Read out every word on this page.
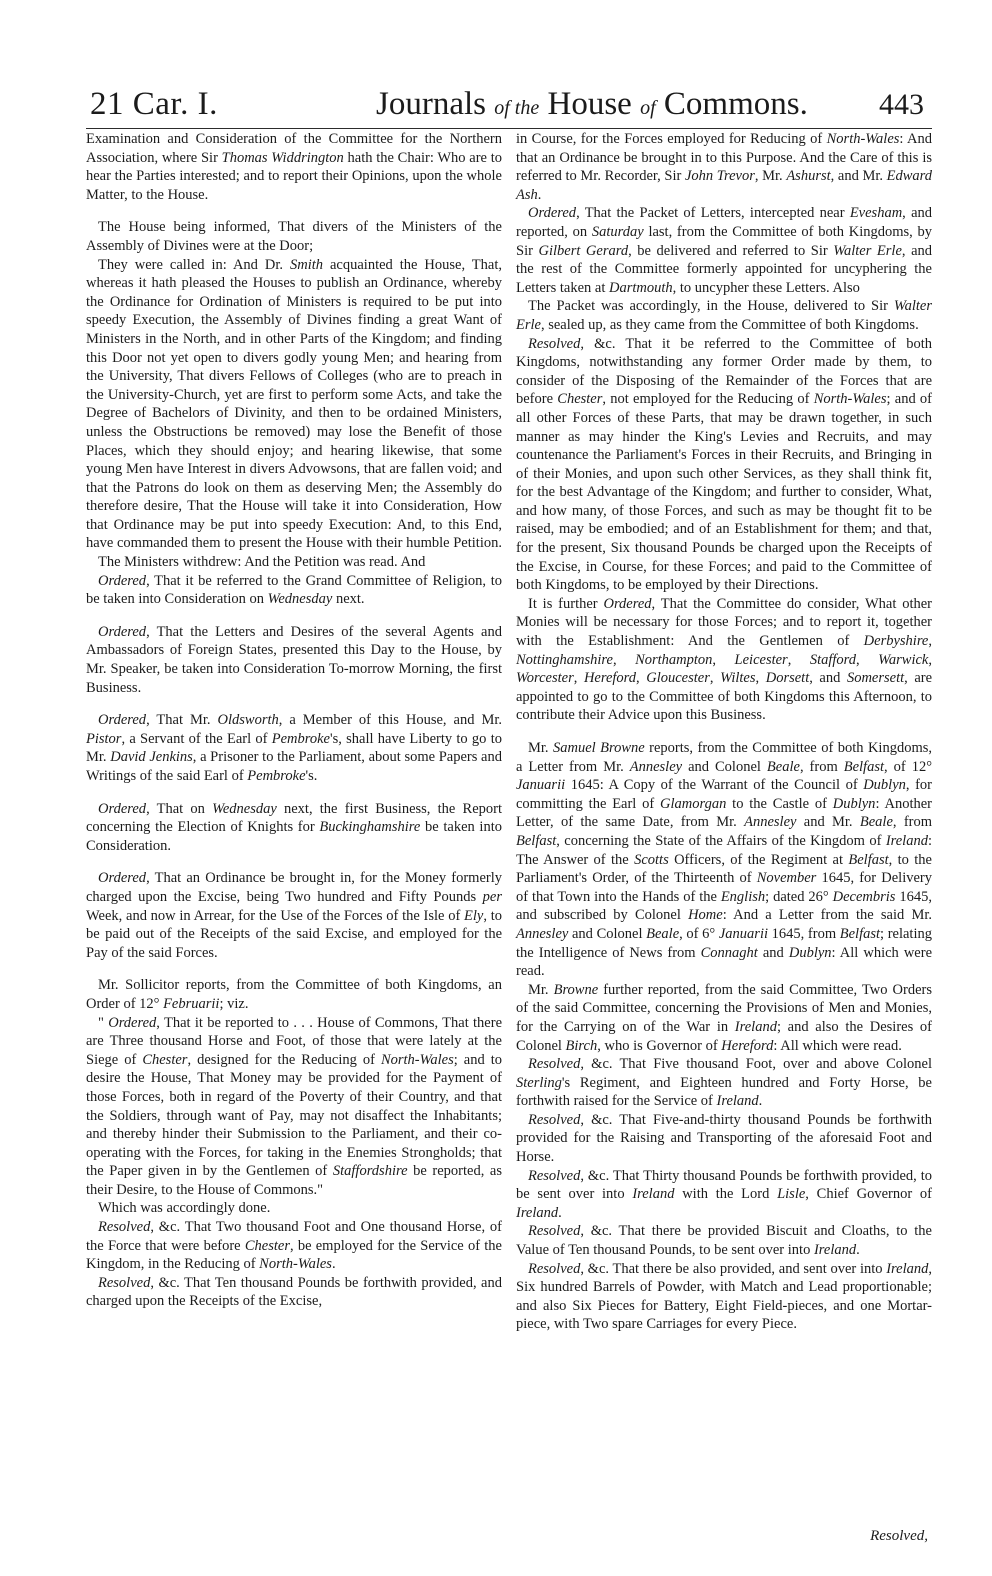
21 Car. I.	Journals of the House of Commons. 443

Examination and Consideration of the Committee for the Northern Association, where Sir Thomas Widdrington hath the Chair: Who are to hear the Parties interested; and to report their Opinions, upon the whole Matter, to the House.

The House being informed, That divers of the Ministers of the Assembly of Divines were at the Door;

They were called in: And Dr. Smith acquainted the House, That, whereas it hath pleased the Houses to publish an Ordinance, whereby the Ordinance for Ordination of Ministers is required to be put into speedy Execution, the Assembly of Divines finding a great Want of Ministers in the North, and in other Parts of the Kingdom; and finding this Door not yet open to divers godly young Men; and hearing from the University, That divers Fellows of Colleges (who are to preach in the University-Church, yet are first to perform some Acts, and take the Degree of Bachelors of Divinity, and then to be ordained Ministers, unless the Obstructions be removed) may lose the Benefit of those Places, which they should enjoy; and hearing likewise, that some young Men have Interest in divers Advowsons, that are fallen void; and that the Patrons do look on them as deserving Men; the Assembly do therefore desire, That the House will take it into Consideration, How that Ordinance may be put into speedy Execution: And, to this End, have commanded them to present the House with their humble Petition.

The Ministers withdrew: And the Petition was read. And

Ordered, That it be referred to the Grand Committee of Religion, to be taken into Consideration on Wednesday next.

Ordered, That the Letters and Desires of the several Agents and Ambassadors of Foreign States, presented this Day to the House, by Mr. Speaker, be taken into Consideration To-morrow Morning, the first Business.

Ordered, That Mr. Oldsworth, a Member of this House, and Mr. Pistor, a Servant of the Earl of Pembroke's, shall have Liberty to go to Mr. David Jenkins, a Prisoner to the Parliament, about some Papers and Writings of the said Earl of Pembroke's.

Ordered, That on Wednesday next, the first Business, the Report concerning the Election of Knights for Buckinghamshire be taken into Consideration.

Ordered, That an Ordinance be brought in, for the Money formerly charged upon the Excise, being Two hundred and Fifty Pounds per Week, and now in Arrear, for the Use of the Forces of the Isle of Ely, to be paid out of the Receipts of the said Excise, and employed for the Pay of the said Forces.

Mr. Sollicitor reports, from the Committee of both Kingdoms, an Order of 12° Februarii; viz.

" Ordered, That it be reported to . . . House of Commons, That there are Three thousand Horse and Foot, of those that were lately at the Siege of Chester, designed for the Reducing of North-Wales; and to desire the House, That Money may be provided for the Payment of those Forces, both in regard of the Poverty of their Country, and that the Soldiers, through want of Pay, may not disaffect the Inhabitants; and thereby hinder their Submission to the Parliament, and their co-operating with the Forces, for taking in the Enemies Strongholds; that the Paper given in by the Gentlemen of Staffordshire be reported, as their Desire, to the House of Commons."

Which was accordingly done.

Resolved, &c. That Two thousand Foot and One thousand Horse, of the Force that were before Chester, be employed for the Service of the Kingdom, in the Reducing of North-Wales.

Resolved, &c. That Ten thousand Pounds be forthwith provided, and charged upon the Receipts of the Excise,

in Course, for the Forces employed for Reducing of North-Wales: And that an Ordinance be brought in to this Purpose. And the Care of this is referred to Mr. Recorder, Sir John Trevor, Mr. Ashurst, and Mr. Edward Ash.

Ordered, That the Packet of Letters, intercepted near Evesham, and reported, on Saturday last, from the Committee of both Kingdoms, by Sir Gilbert Gerard, be delivered and referred to Sir Walter Erle, and the rest of the Committee formerly appointed for uncyphering the Letters taken at Dartmouth, to uncypher these Letters. Also

The Packet was accordingly, in the House, delivered to Sir Walter Erle, sealed up, as they came from the Committee of both Kingdoms.

Resolved, &c. That it be referred to the Committee of both Kingdoms, notwithstanding any former Order made by them, to consider of the Disposing of the Remainder of the Forces that are before Chester, not employed for the Reducing of North-Wales; and of all other Forces of these Parts, that may be drawn together, in such manner as may hinder the King's Levies and Recruits, and may countenance the Parliament's Forces in their Recruits, and Bringing in of their Monies, and upon such other Services, as they shall think fit, for the best Advantage of the Kingdom; and further to consider, What, and how many, of those Forces, and such as may be thought fit to be raised, may be embodied; and of an Establishment for them; and that, for the present, Six thousand Pounds be charged upon the Receipts of the Excise, in Course, for these Forces; and paid to the Committee of both Kingdoms, to be employed by their Directions.

It is further Ordered, That the Committee do consider, What other Monies will be necessary for those Forces; and to report it, together with the Establishment: And the Gentlemen of Derbyshire, Nottinghamshire, Northampton, Leicester, Stafford, Warwick, Worcester, Hereford, Gloucester, Wiltes, Dorsett, and Somersett, are appointed to go to the Committee of both Kingdoms this Afternoon, to contribute their Advice upon this Business.

Mr. Samuel Browne reports, from the Committee of both Kingdoms, a Letter from Mr. Annesley and Colonel Beale, from Belfast, of 12° Januarii 1645: A Copy of the Warrant of the Council of Dublyn, for committing the Earl of Glamorgan to the Castle of Dublyn: Another Letter, of the same Date, from Mr. Annesley and Mr. Beale, from Belfast, concerning the State of the Affairs of the Kingdom of Ireland: The Answer of the Scotts Officers, of the Regiment at Belfast, to the Parliament's Order, of the Thirteenth of November 1645, for Delivery of that Town into the Hands of the English; dated 26° Decembris 1645, and subscribed by Colonel Home: And a Letter from the said Mr. Annesley and Colonel Beale, of 6° Januarii 1645, from Belfast; relating the Intelligence of News from Connaght and Dublyn: All which were read.

Mr. Browne further reported, from the said Committee, Two Orders of the said Committee, concerning the Provisions of Men and Monies, for the Carrying on of the War in Ireland; and also the Desires of Colonel Birch, who is Governor of Hereford: All which were read.

Resolved, &c. That Five thousand Foot, over and above Colonel Sterling's Regiment, and Eighteen hundred and Forty Horse, be forthwith raised for the Service of Ireland.

Resolved, &c. That Five-and-thirty thousand Pounds be forthwith provided for the Raising and Transporting of the aforesaid Foot and Horse.

Resolved, &c. That Thirty thousand Pounds be forthwith provided, to be sent over into Ireland with the Lord Lisle, Chief Governor of Ireland.

Resolved, &c. That there be provided Biscuit and Cloaths, to the Value of Ten thousand Pounds, to be sent over into Ireland.

Resolved, &c. That there be also provided, and sent over into Ireland, Six hundred Barrels of Powder, with Match and Lead proportionable; and also Six Pieces for Battery, Eight Field-pieces, and one Mortar-piece, with Two spare Carriages for every Piece.

Resolved,
